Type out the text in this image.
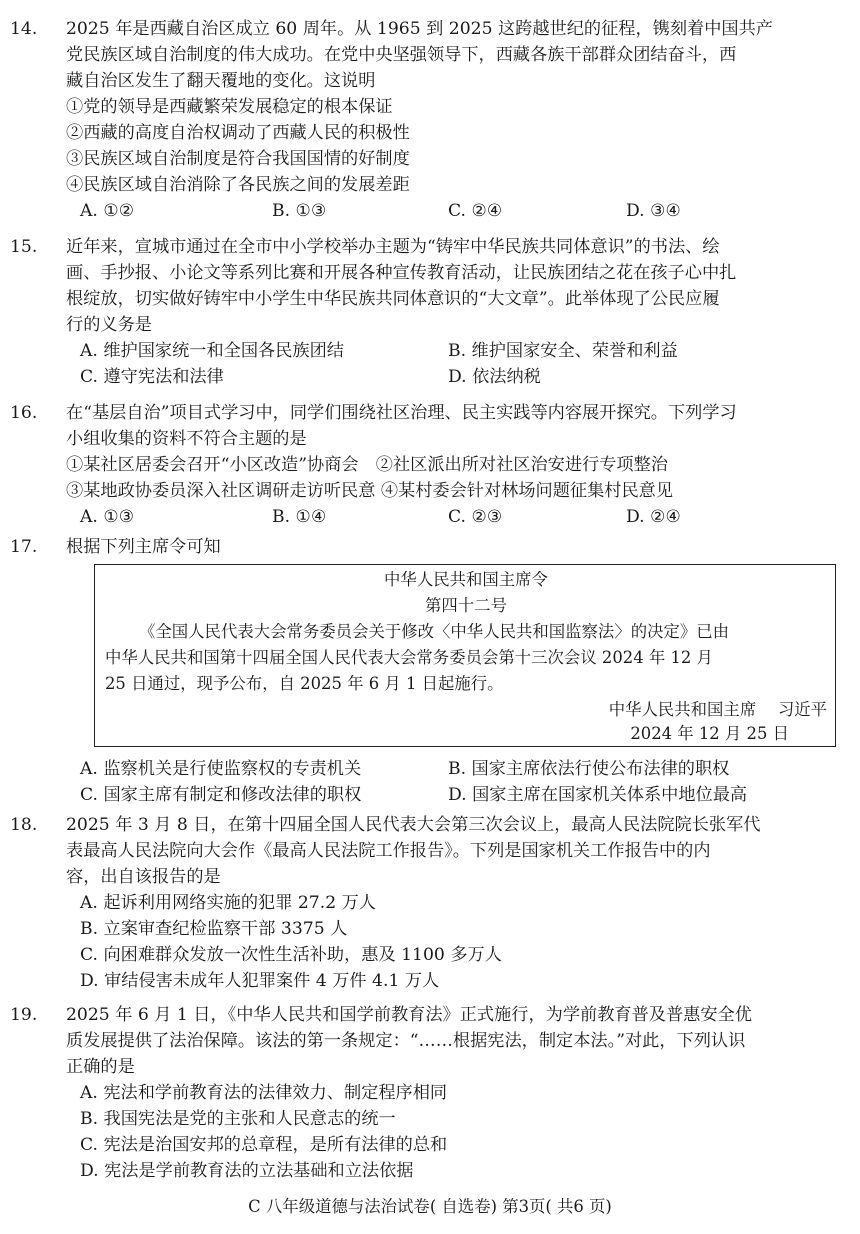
14.	2025 年是西藏自治区成立 60 周年。从 1965 到 2025 这跨越世纪的征程，镌刻着中国共产
党民族区域自治制度的伟大成功。在党中央坚强领导下，西藏各族干部群众团结奋斗，西
藏自治区发生了翻天覆地的变化。这说明
①党的领导是西藏繁荣发展稳定的根本保证
②西藏的高度自治权调动了西藏人民的积极性
③民族区域自治制度是符合我国国情的好制度
④民族区域自治消除了各民族之间的发展差距
A. ①②	B. ①③	C. ②④	D. ③④
15.	近年来，宣城市通过在全市中小学校举办主题为“铸牢中华民族共同体意识”的书法、绘
画、手抄报、小论文等系列比赛和开展各种宣传教育活动，让民族团结之花在孩子心中扎
根绽放，切实做好铸牢中小学生中华民族共同体意识的“大文章”。此举体现了公民应履
行的义务是
A. 维护国家统一和全国各民族团结	B. 维护国家安全、荣誉和利益
C. 遵守宪法和法律	D. 依法纳税
16.	在“基层自治”项目式学习中，同学们围绕社区治理、民主实践等内容展开探究。下列学习
小组收集的资料不符合主题的是
①某社区居委会召开“小区改造”协商会　②社区派出所对社区治安进行专项整治
③某地政协委员深入社区调研走访听民意 ④某村委会针对林场问题征集村民意见
A. ①③	B. ①④	C. ②③	D. ②④
17.	根据下列主席令可知
中华人民共和国主席令
第四十二号
《全国人民代表大会常务委员会关于修改〈中华人民共和国监察法〉的决定》已由
中华人民共和国第十四届全国人民代表大会常务委员会第十三次会议 2024 年 12 月
25 日通过，现予公布，自 2025 年 6 月 1 日起施行。
中华人民共和国主席　 习近平
2024 年 12 月 25 日
A. 监察机关是行使监察权的专责机关	B. 国家主席依法行使公布法律的职权
C. 国家主席有制定和修改法律的职权	D. 国家主席在国家机关体系中地位最高
18.	2025 年 3 月 8 日，在第十四届全国人民代表大会第三次会议上，最高人民法院院长张军代
表最高人民法院向大会作《最高人民法院工作报告》。下列是国家机关工作报告中的内
容，出自该报告的是
A. 起诉利用网络实施的犯罪 27.2 万人
B. 立案审查纪检监察干部 3375 人
C. 向困难群众发放一次性生活补助，惠及 1100 多万人
D. 审结侵害未成年人犯罪案件 4 万件 4.1 万人
19.	2025 年 6 月 1 日，《中华人民共和国学前教育法》正式施行，为学前教育普及普惠安全优
质发展提供了法治保障。该法的第一条规定：“……根据宪法，制定本法。”对此，下列认识
正确的是
A. 宪法和学前教育法的法律效力、制定程序相同
B. 我国宪法是党的主张和人民意志的统一
C. 宪法是治国安邦的总章程，是所有法律的总和
D. 宪法是学前教育法的立法基础和立法依据
C 八年级道德与法治试卷( 自选卷) 第3页( 共6 页)
